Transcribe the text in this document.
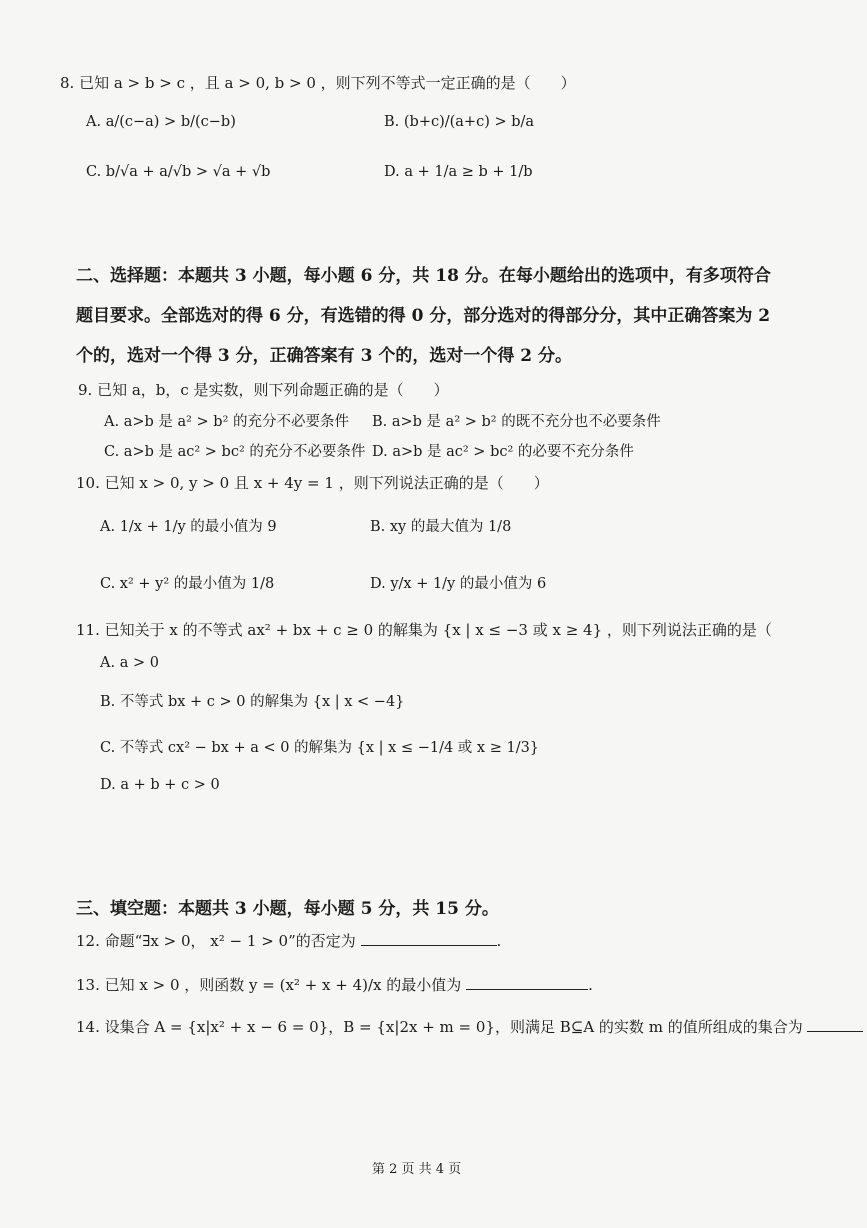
8. 已知 a > b > c ，且 a > 0, b > 0 ，则下列不等式一定正确的是（　　）
A. a/(c−a) > b/(c−b)	B. (b+c)/(a+c) > b/a
C. b/√a + a/√b > √a + √b	D. a + 1/a ≥ b + 1/b
二、选择题：本题共 3 小题，每小题 6 分，共 18 分。在每小题给出的选项中，有多项符合
题目要求。全部选对的得 6 分，有选错的得 0 分，部分选对的得部分分，其中正确答案为 2
个的，选对一个得 3 分，正确答案有 3 个的，选对一个得 2 分。
9. 已知 a，b，c 是实数，则下列命题正确的是（　　）
A. a>b 是 a² > b² 的充分不必要条件 B. a>b 是 a² > b² 的既不充分也不必要条件
C. a>b 是 ac² > bc² 的充分不必要条件 D. a>b 是 ac² > bc² 的必要不充分条件
10. 已知 x > 0, y > 0 且 x + 4y = 1 ，则下列说法正确的是（　　）
A. 1/x + 1/y 的最小值为 9	B. xy 的最大值为 1/8
C. x² + y² 的最小值为 1/8	D. y/x + 1/y 的最小值为 6
11. 已知关于 x 的不等式 ax² + bx + c ≥ 0 的解集为 {x | x ≤ −3 或 x ≥ 4} ，则下列说法正确的是（
A. a > 0
B. 不等式 bx + c > 0 的解集为 {x | x < −4}
C. 不等式 cx² − bx + a < 0 的解集为 {x | x ≤ −1/4 或 x ≥ 1/3}
D. a + b + c > 0
三、填空题：本题共 3 小题，每小题 5 分，共 15 分。
12. 命题“∃x > 0， x² − 1 > 0”的否定为	.
13. 已知 x > 0 ，则函数 y = (x² + x + 4)/x 的最小值为	.
14. 设集合 A = {x|x² + x − 6 = 0}，B = {x|2x + m = 0}，则满足 B⊆A 的实数 m 的值所组成的集合为
第 2 页 共 4 页
